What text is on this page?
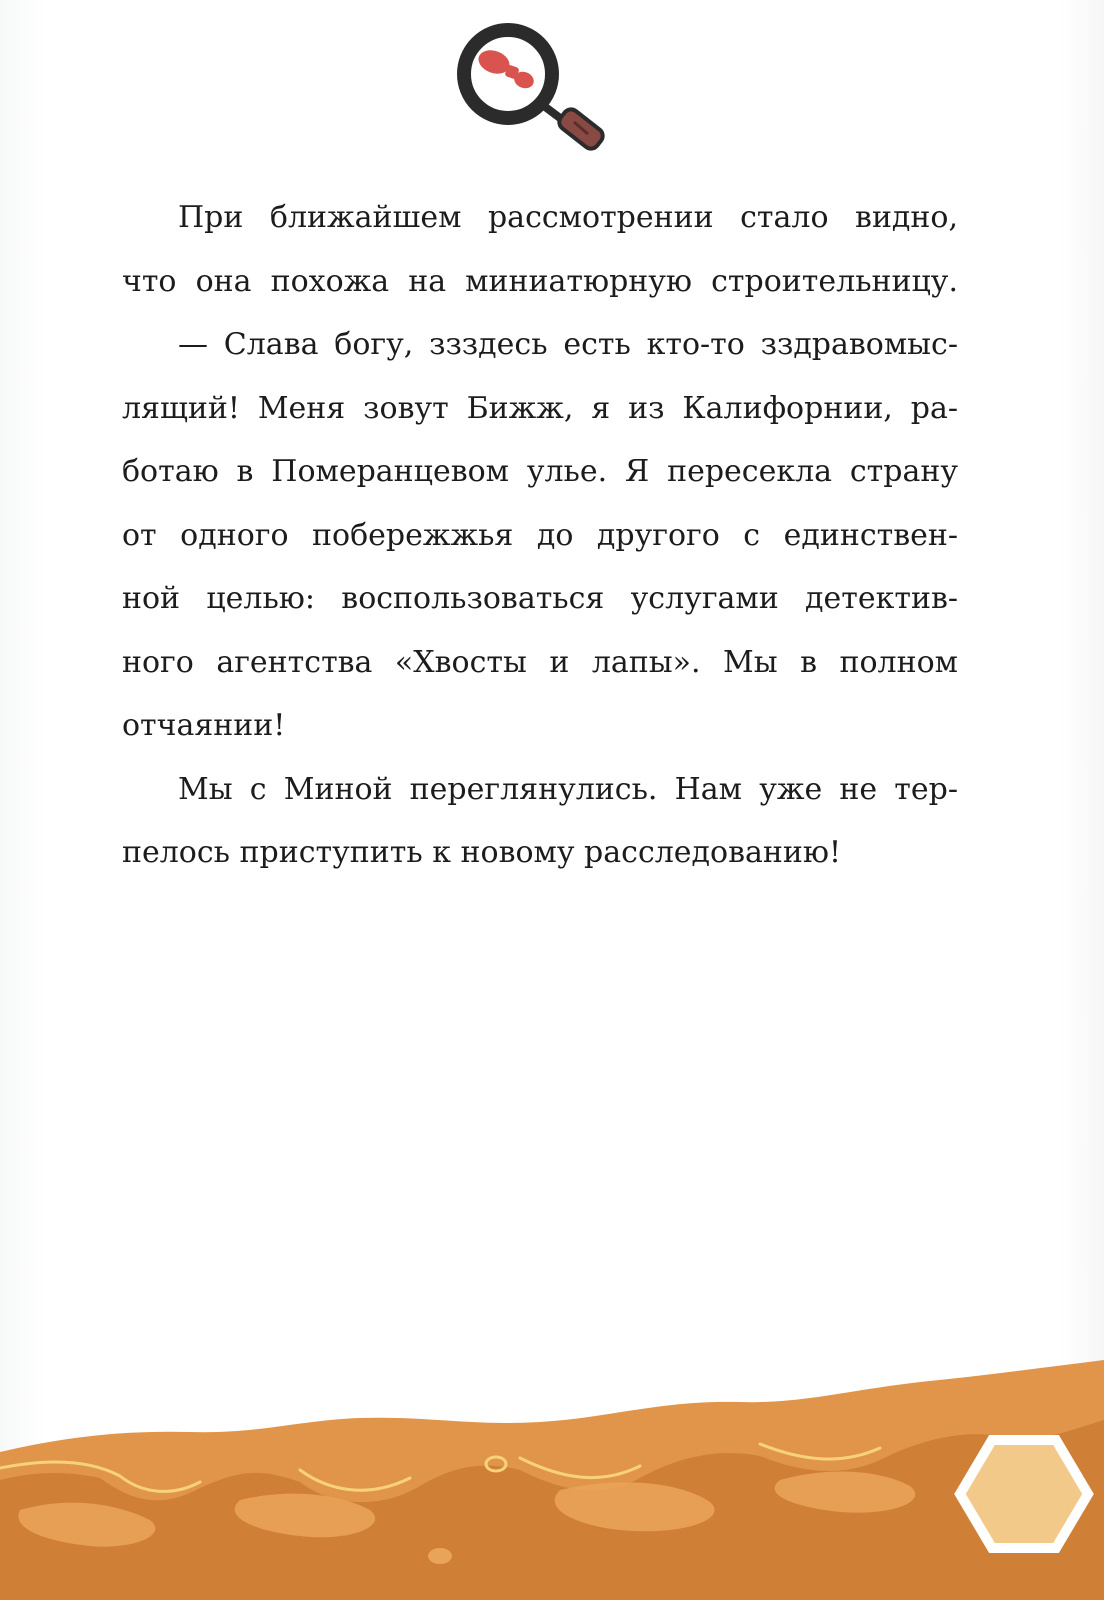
При ближайшем рассмотрении стало видно,
что она похожа на миниатюрную строительницу.
— Слава богу, ззздесь есть кто-то зздравомыс-
лящий! Меня зовут Бижж, я из Калифорнии, ра-
ботаю в Померанцевом улье. Я пересекла страну
от одного побережжья до другого с единствен-
ной целью: воспользоваться услугами детектив-
ного агентства «Хвосты и лапы». Мы в полном
отчаянии!
Мы с Миной переглянулись. Нам уже не тер-
пелось приступить к новому расследованию!
